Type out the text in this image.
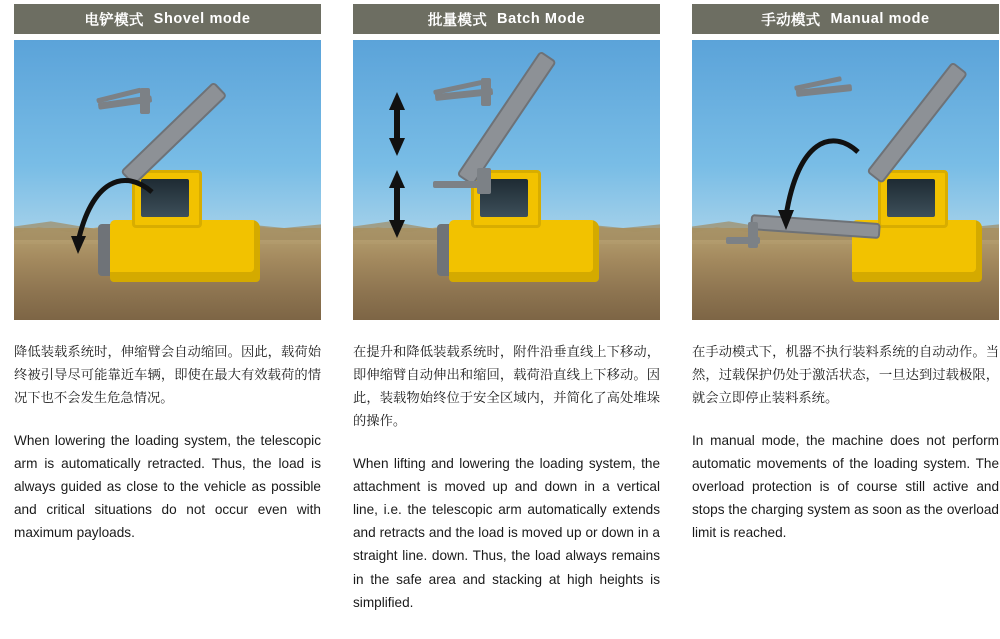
电铲模式 Shovel mode
降低装载系统时，伸缩臂会自动缩回。因此，载荷始终被引导尽可能靠近车辆，即使在最大有效载荷的情况下也不会发生危急情况。
When lowering the loading system, the telescopic arm is automatically retracted. Thus, the load is always guided as close to the vehicle as possible and critical situations do not occur even with maximum payloads.
批量模式 Batch Mode
在提升和降低装载系统时，附件沿垂直线上下移动，即伸缩臂自动伸出和缩回，载荷沿直线上下移动。因此，装载物始终位于安全区域内，并简化了高处堆垛的操作。
When lifting and lowering the loading system, the attachment is moved up and down in a vertical line, i.e. the telescopic arm automatically extends and retracts and the load is moved up or down in a straight line. down. Thus, the load always remains in the safe area and stacking at high heights is simplified.
手动模式 Manual mode
在手动模式下，机器不执行装料系统的自动动作。当然，过载保护仍处于激活状态，一旦达到过载极限，就会立即停止装料系统。
In manual mode, the machine does not perform automatic movements of the loading system. The overload protection is of course still active and stops the charging system as soon as the overload limit is reached.
